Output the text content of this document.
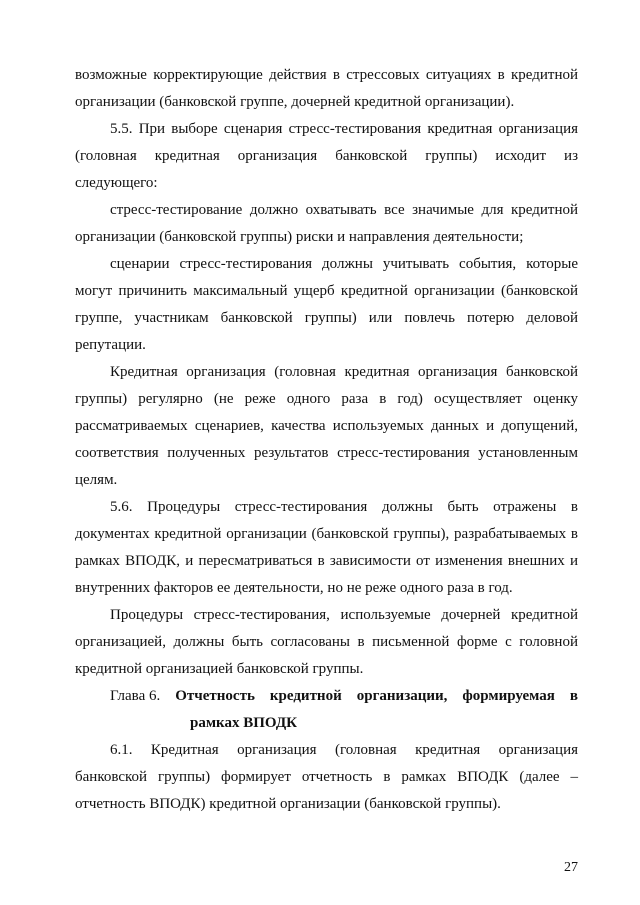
возможные корректирующие действия в стрессовых ситуациях в кредитной организации (банковской группе, дочерней кредитной организации).

5.5. При выборе сценария стресс-тестирования кредитная организация (головная кредитная организация банковской группы) исходит из следующего:

стресс-тестирование должно охватывать все значимые для кредитной организации (банковской группы) риски и направления деятельности;

сценарии стресс-тестирования должны учитывать события, которые могут причинить максимальный ущерб кредитной организации (банковской группе, участникам банковской группы) или повлечь потерю деловой репутации.

Кредитная организация (головная кредитная организация банковской группы) регулярно (не реже одного раза в год) осуществляет оценку рассматриваемых сценариев, качества используемых данных и допущений, соответствия полученных результатов стресс-тестирования установленным целям.

5.6. Процедуры стресс-тестирования должны быть отражены в документах кредитной организации (банковской группы), разрабатываемых в рамках ВПОДК, и пересматриваться в зависимости от изменения внешних и внутренних факторов ее деятельности, но не реже одного раза в год.

Процедуры стресс-тестирования, используемые дочерней кредитной организацией, должны быть согласованы в письменной форме с головной кредитной организацией банковской группы.

Глава 6. Отчетность кредитной организации, формируемая в
рамках ВПОДК

6.1. Кредитная организация (головная кредитная организация банковской группы) формирует отчетность в рамках ВПОДК (далее – отчетность ВПОДК) кредитной организации (банковской группы).

27
